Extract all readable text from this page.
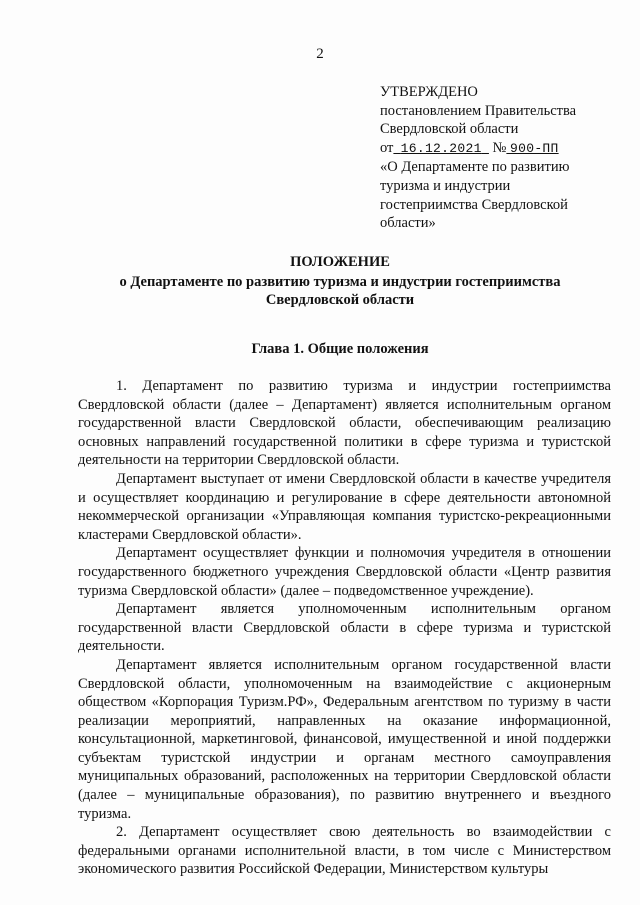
2
УТВЕРЖДЕНО
постановлением Правительства
Свердловской области
от 16.12.2021 № 900-ПП
«О Департаменте по развитию
туризма и индустрии
гостеприимства Свердловской
области»
ПОЛОЖЕНИЕ
о Департаменте по развитию туризма и индустрии гостеприимства
Свердловской области
Глава 1. Общие положения

1. Департамент по развитию туризма и индустрии гостеприимства Свердловской области (далее – Департамент) является исполнительным органом государственной власти Свердловской области, обеспечивающим реализацию основных направлений государственной политики в сфере туризма и туристской деятельности на территории Свердловской области.

Департамент выступает от имени Свердловской области в качестве учредителя и осуществляет координацию и регулирование в сфере деятельности автономной некоммерческой организации «Управляющая компания туристско-рекреационными кластерами Свердловской области».

Департамент осуществляет функции и полномочия учредителя в отношении государственного бюджетного учреждения Свердловской области «Центр развития туризма Свердловской области» (далее – подведомственное учреждение).

Департамент является уполномоченным исполнительным органом государственной власти Свердловской области в сфере туризма и туристской деятельности.

Департамент является исполнительным органом государственной власти Свердловской области, уполномоченным на взаимодействие с акционерным обществом «Корпорация Туризм.РФ», Федеральным агентством по туризму в части реализации мероприятий, направленных на оказание информационной, консультационной, маркетинговой, финансовой, имущественной и иной поддержки субъектам туристской индустрии и органам местного самоуправления муниципальных образований, расположенных на территории Свердловской области (далее – муниципальные образования), по развитию внутреннего и въездного туризма.

2. Департамент осуществляет свою деятельность во взаимодействии с федеральными органами исполнительной власти, в том числе с Министерством экономического развития Российской Федерации, Министерством культуры
